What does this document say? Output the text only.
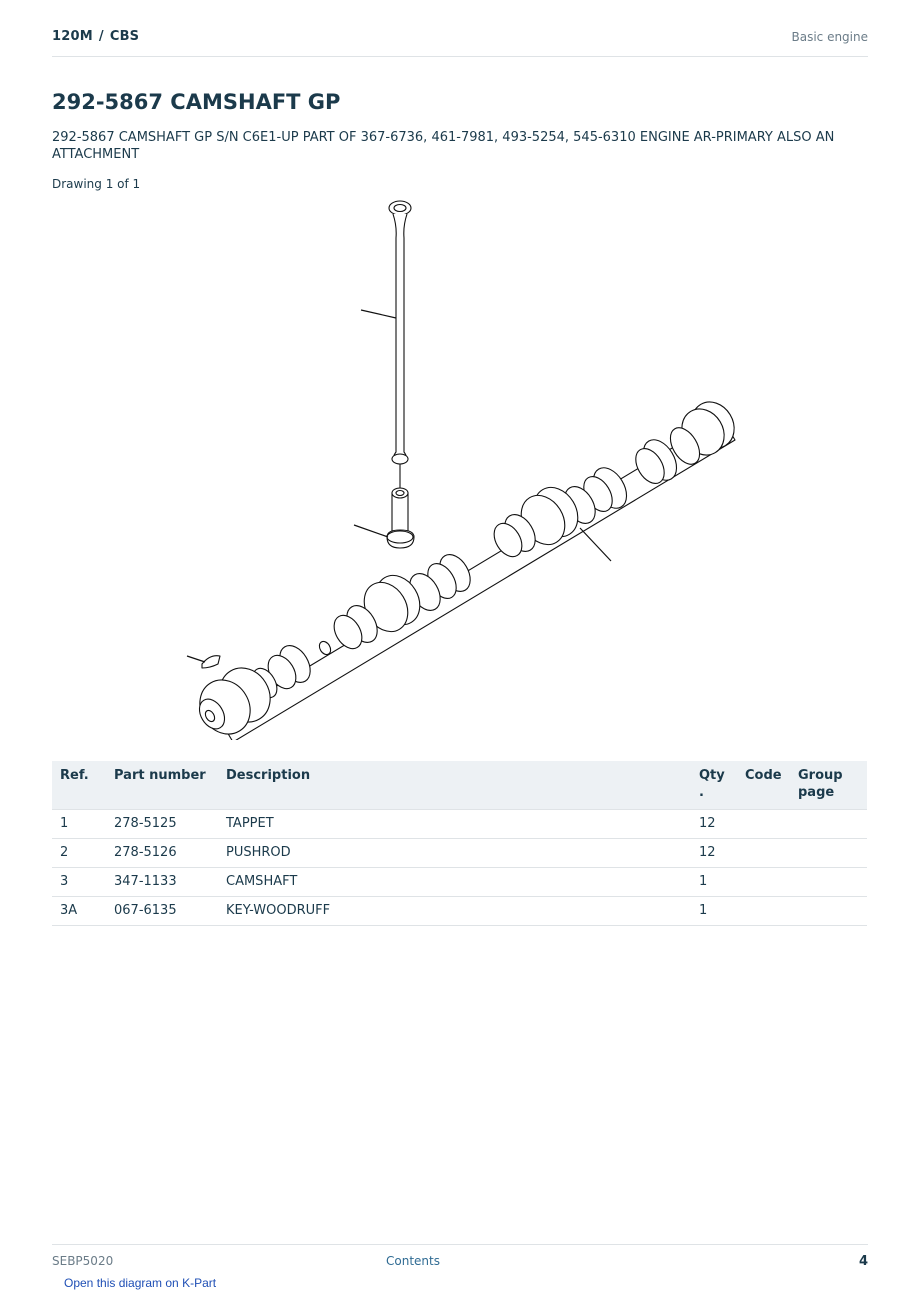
120M / CBS	Basic engine
292-5867 CAMSHAFT GP
292-5867 CAMSHAFT GP S/N C6E1-UP PART OF 367-6736, 461-7981, 493-5254, 545-6310 ENGINE AR-PRIMARY ALSO AN ATTACHMENT
Drawing 1 of 1
Ref.	Part number	Description	Qty .	Code	Group page
1	278-5125	TAPPET	12		
2	278-5126	PUSHROD	12		
3	347-1133	CAMSHAFT	1		
3A	067-6135	KEY-WOODRUFF	1		
SEBP5020	Contents	4
Open this diagram on K-Part
